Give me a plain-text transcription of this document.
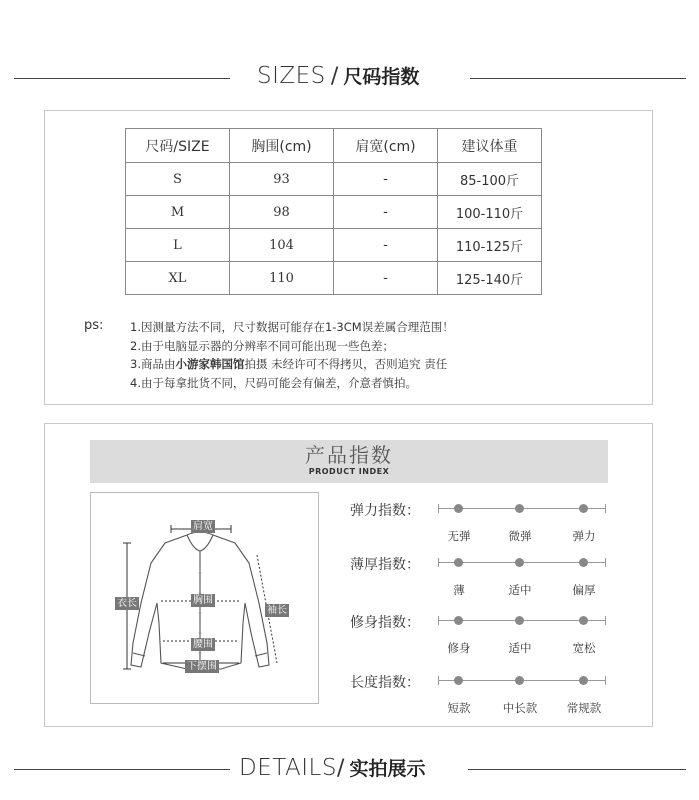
SIZES / 尺码指数
尺码/SIZE	胸围(cm)	肩宽(cm)	建议体重
S	93	-	85-100斤
M	98	-	100-110斤
L	104	-	110-125斤
XL	110	-	125-140斤
ps: 1.因测量方法不同，尺寸数据可能存在1-3CM误差属合理范围！
2.由于电脑显示器的分辨率不同可能出现一些色差；
3.商品由小游家韩国馆拍摄 未经许可不得拷贝，否则追究 责任
4.由于每拿批货不同，尺码可能会有偏差，介意者慎拍。
产品指数
PRODUCT INDEX
肩宽
衣长	胸围
袖长
腰围
下摆围
弹力指数：
无弹	微弹	弹力
薄厚指数：
薄	适中	偏厚
修身指数：
修身	适中	宽松
长度指数：
短款	中长款	常规款
DETAILS/ 实拍展示
